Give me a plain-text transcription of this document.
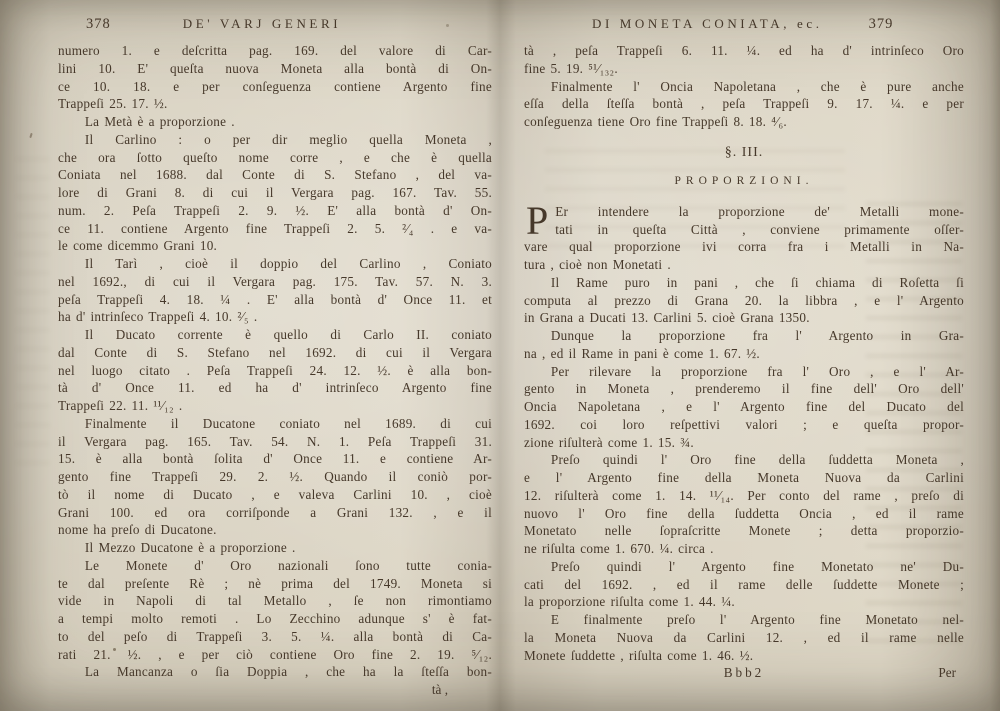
378	DE' VARJ GENERI
numero 1. e deſcritta pag. 169. del valore di Car-
lini 10. E' queſta nuova Moneta alla bontà di On-
ce 10. 18. e per conſeguenza contiene Argento fine
Trappeſi 25. 17. ½.
  La Metà è a proporzione .
  Il Carlino : o per dir meglio quella Moneta ,
che ora ſotto queſto nome corre , e che è quella
Coniata nel 1688. dal Conte di S. Stefano , del va-
lore di Grani 8. di cui il Vergara pag. 167. Tav. 55.
num. 2. Peſa Trappeſi 2. 9. ½. E' alla bontà d' On-
ce 11. contiene Argento fine Trappeſi 2. 5. ²⁄₄ . e va-
le come dicemmo Grani 10.
  Il Tarì , cioè il doppio del Carlino , Coniato
nel 1692., di cui il Vergara pag. 175. Tav. 57. N. 3.
peſa Trappeſi 4. 18. ¼ . E' alla bontà d' Once 11. et
ha d' intrinſeco Trappeſi 4. 10. ²⁄₅ .
  Il Ducato corrente è quello di Carlo II. coniato
dal Conte di S. Stefano nel 1692. di cui il Vergara
nel luogo citato . Peſa Trappeſi 24. 12. ½. è alla bon-
tà d' Once 11. ed ha d' intrinſeco Argento fine
Trappeſi 22. 11. ¹¹⁄₁₂ .
  Finalmente il Ducatone coniato nel 1689. di cui
il Vergara pag. 165. Tav. 54. N. 1. Peſa Trappeſi 31.
15. è alla bontà ſolita d' Once 11. e contiene Ar-
gento fine Trappeſi 29. 2. ½. Quando il coniò por-
tò il nome di Ducato , e valeva Carlini 10. , cioè
Grani 100. ed ora corriſponde a Grani 132. , e il
nome ha preſo di Ducatone.
  Il Mezzo Ducatone è a proporzione .
  Le Monete d' Oro nazionali ſono tutte conia-
te dal preſente Rè ; nè prima del 1749. Moneta si
vide in Napoli di tal Metallo , ſe non rimontiamo
a tempi molto remoti . Lo Zecchino adunque s' è fat-
to del peſo di Trappeſi 3. 5. ¼. alla bontà di Ca-
rati 21. ½. , e per ciò contiene Oro fine 2. 19. ⁵⁄₁₂.
  La Mancanza o ſia Doppia , che ha la ſteſſa bon-
tà ,
DI MONETA CONIATA, ec.	379
tà , peſa Trappeſi 6. 11. ¼. ed ha d' intrinſeco Oro
fine 5. 19. ⁵¹⁄₁₃₂.
  Finalmente l' Oncia Napoletana , che è pure anche
eſſa della ſteſſa bontà , peſa Trappeſi 9. 17. ¼. e per
conſeguenza tiene Oro fine Trappeſi 8. 18. ⁴⁄₆.
§. III.
PROPORZIONI.
P Er intendere la proporzione de' Metalli mone-
tati in queſta Città , conviene primamente oſſer-
vare qual proporzione ivi corra fra i Metalli in Na-
tura , cioè non Monetati .
  Il Rame puro in pani , che ſi chiama di Roſetta ſi
computa al prezzo di Grana 20. la libbra , e l' Argento
in Grana a Ducati 13. Carlini 5. cioè Grana 1350.
  Dunque la proporzione fra l' Argento in Gra-
na , ed il Rame in pani è come 1. 67. ½.
  Per rilevare la proporzione fra l' Oro , e l' Ar-
gento in Moneta , prenderemo il fine dell' Oro dell'
Oncia Napoletana , e l' Argento fine del Ducato del
1692. coi loro reſpettivi valori ; e queſta propor-
zione riſulterà come 1. 15. ¾.
  Preſo quindi l' Oro fine della ſuddetta Moneta ,
e l' Argento fine della Moneta Nuova da Carlini
12. riſulterà come 1. 14. ¹¹⁄₁₄. Per conto del rame , preſo di
nuovo l' Oro fine della ſuddetta Oncia , ed il rame
Monetato nelle ſopraſcritte Monete ; detta proporzio-
ne riſulta come 1. 670. ¼. circa .
  Preſo quindi l' Argento fine Monetato ne' Du-
cati del 1692. , ed il rame delle ſuddette Monete ;
la proporzione riſulta come 1. 44. ¼.
  E finalmente preſo l' Argento fine Monetato nel-
la Moneta Nuova da Carlini 12. , ed il rame nelle
Monete ſuddette , riſulta come 1. 46. ½.
Bbb2	Per
